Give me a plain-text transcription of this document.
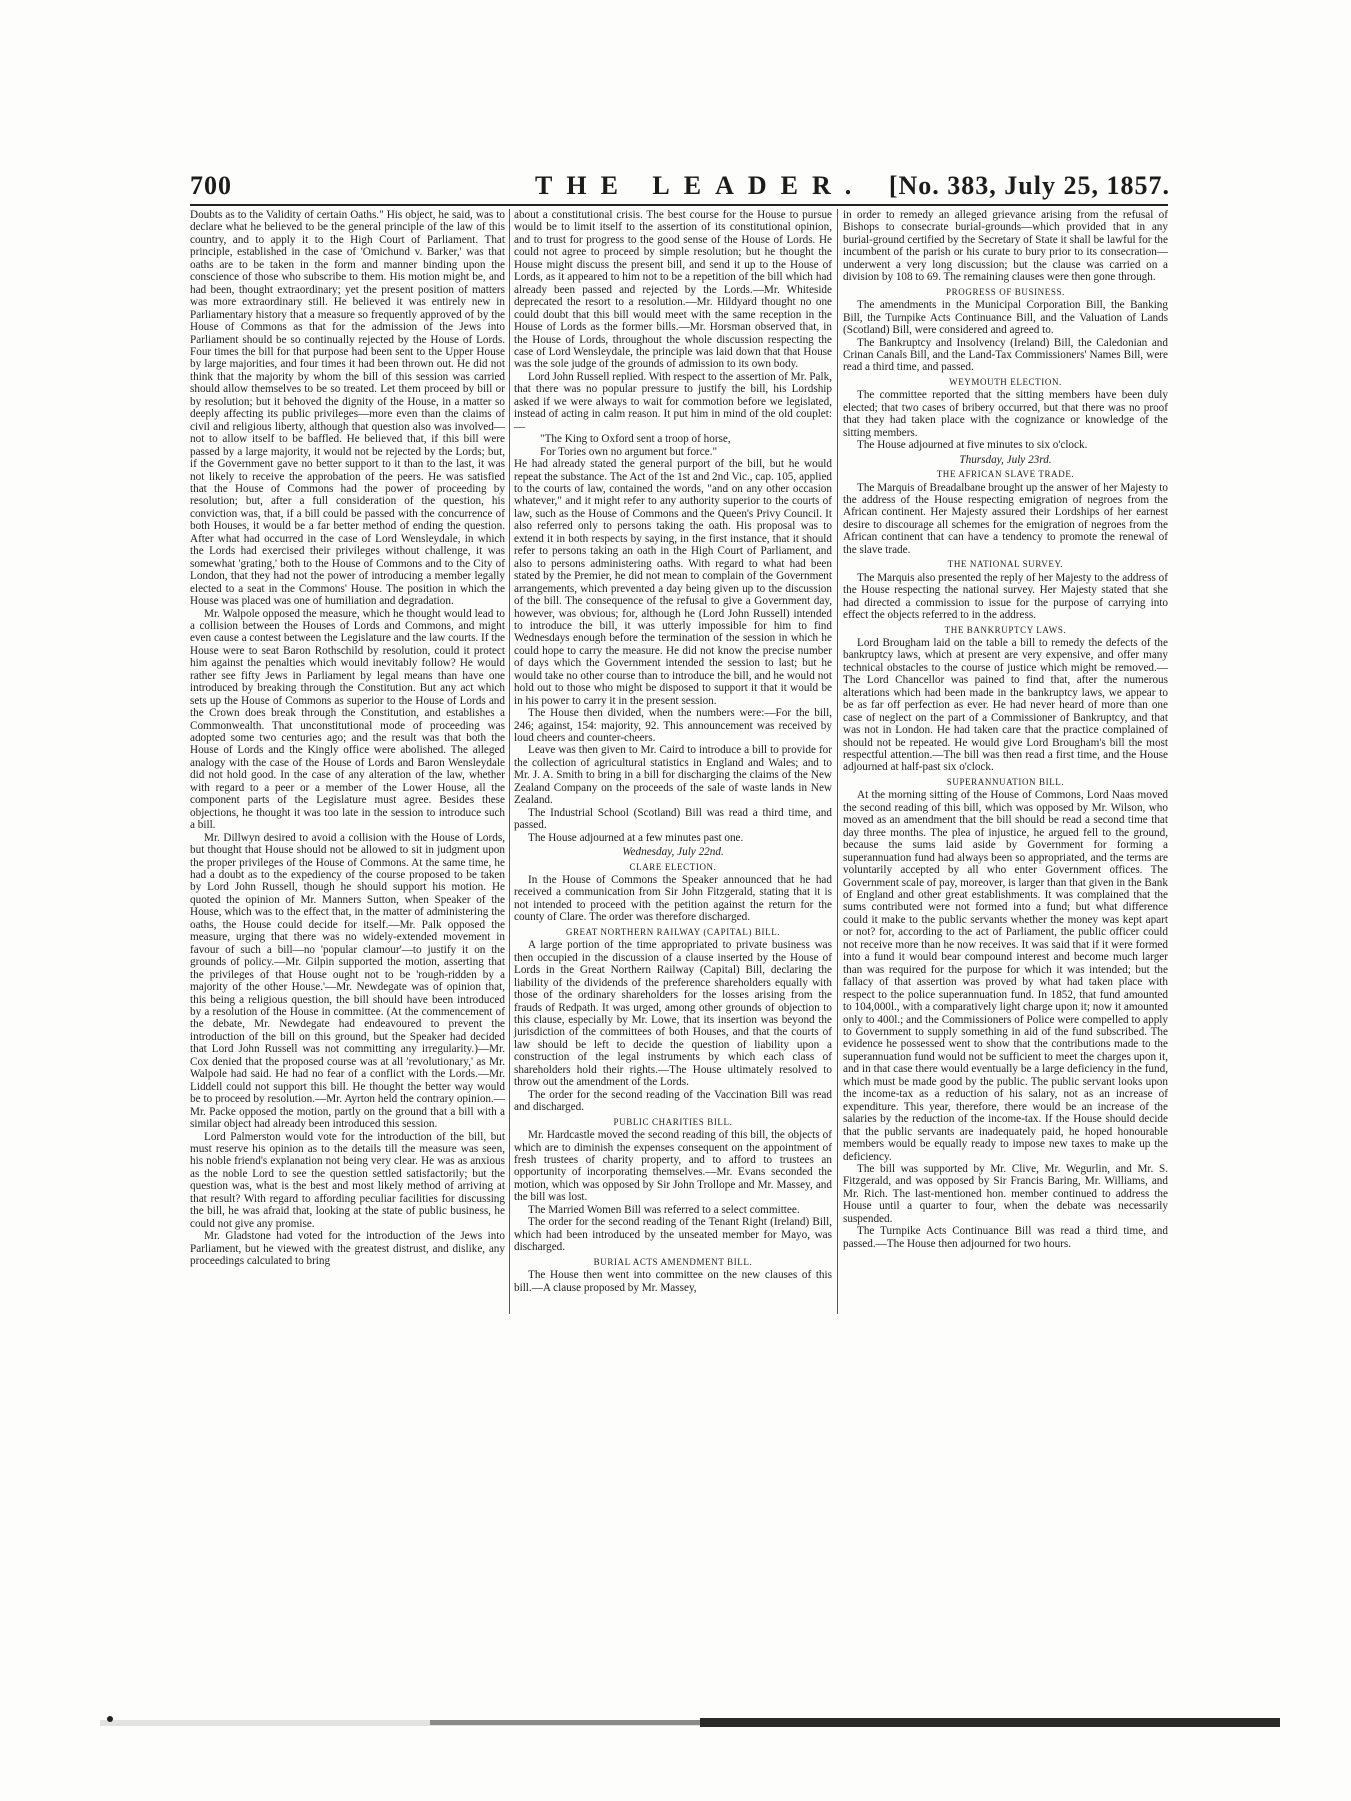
700	THE LEADER. [No. 383, July 25, 1857.

Doubts as to the Validity of certain Oaths." His object, he said, was to declare what he believed to be the general principle of the law of this country, and to apply it to the High Court of Parliament. That principle, established in the case of 'Omichund v. Barker,' was that oaths are to be taken in the form and manner binding upon the conscience of those who subscribe to them. His motion might be, and had been, thought extraordinary; yet the present position of matters was more extraordinary still. He believed it was entirely new in Parliamentary history that a measure so frequently approved of by the House of Commons as that for the admission of the Jews into Parliament should be so continually rejected by the House of Lords. Four times the bill for that purpose had been sent to the Upper House by large majorities, and four times it had been thrown out. He did not think that the majority by whom the bill of this session was carried should allow themselves to be so treated. Let them proceed by bill or by resolution; but it behoved the dignity of the House, in a matter so deeply affecting its public privileges—more even than the claims of civil and religious liberty, although that question also was involved—not to allow itself to be baffled. He believed that, if this bill were passed by a large majority, it would not be rejected by the Lords; but, if the Government gave no better support to it than to the last, it was not likely to receive the approbation of the peers. He was satisfied that the House of Commons had the power of proceeding by resolution; but, after a full consideration of the question, his conviction was, that, if a bill could be passed with the concurrence of both Houses, it would be a far better method of ending the question. After what had occurred in the case of Lord Wensleydale, in which the Lords had exercised their privileges without challenge, it was somewhat 'grating,' both to the House of Commons and to the City of London, that they had not the power of introducing a member legally elected to a seat in the Commons' House. The position in which the House was placed was one of humiliation and degradation.

Mr. Walpole opposed the measure, which he thought would lead to a collision between the Houses of Lords and Commons, and might even cause a contest between the Legislature and the law courts. If the House were to seat Baron Rothschild by resolution, could it protect him against the penalties which would inevitably follow? He would rather see fifty Jews in Parliament by legal means than have one introduced by breaking through the Constitution. But any act which sets up the House of Commons as superior to the House of Lords and the Crown does break through the Constitution, and establishes a Commonwealth. That unconstitutional mode of proceeding was adopted some two centuries ago; and the result was that both the House of Lords and the Kingly office were abolished. The alleged analogy with the case of the House of Lords and Baron Wensleydale did not hold good. In the case of any alteration of the law, whether with regard to a peer or a member of the Lower House, all the component parts of the Legislature must agree. Besides these objections, he thought it was too late in the session to introduce such a bill.

Mr. Dillwyn desired to avoid a collision with the House of Lords, but thought that House should not be allowed to sit in judgment upon the proper privileges of the House of Commons. At the same time, he had a doubt as to the expediency of the course proposed to be taken by Lord John Russell, though he should support his motion. He quoted the opinion of Mr. Manners Sutton, when Speaker of the House, which was to the effect that, in the matter of administering the oaths, the House could decide for itself.—Mr. Palk opposed the measure, urging that there was no widely-extended movement in favour of such a bill—no 'popular clamour'—to justify it on the grounds of policy.—Mr. Gilpin supported the motion, asserting that the privileges of that House ought not to be 'rough-ridden by a majority of the other House.'—Mr. Newdegate was of opinion that, this being a religious question, the bill should have been introduced by a resolution of the House in committee. (At the commencement of the debate, Mr. Newdegate had endeavoured to prevent the introduction of the bill on this ground, but the Speaker had decided that Lord John Russell was not committing any irregularity.)—Mr. Cox denied that the proposed course was at all 'revolutionary,' as Mr. Walpole had said. He had no fear of a conflict with the Lords.—Mr. Liddell could not support this bill. He thought the better way would be to proceed by resolution.—Mr. Ayrton held the contrary opinion.—Mr. Packe opposed the motion, partly on the ground that a bill with a similar object had already been introduced this session.

Lord Palmerston would vote for the introduction of the bill, but must reserve his opinion as to the details till the measure was seen, his noble friend's explanation not being very clear. He was as anxious as the noble Lord to see the question settled satisfactorily; but the question was, what is the best and most likely method of arriving at that result? With regard to affording peculiar facilities for discussing the bill, he was afraid that, looking at the state of public business, he could not give any promise.

Mr. Gladstone had voted for the introduction of the Jews into Parliament, but he viewed with the greatest distrust, and dislike, any proceedings calculated to bring

about a constitutional crisis. The best course for the House to pursue would be to limit itself to the assertion of its constitutional opinion, and to trust for progress to the good sense of the House of Lords. He could not agree to proceed by simple resolution; but he thought the House might discuss the present bill, and send it up to the House of Lords, as it appeared to him not to be a repetition of the bill which had already been passed and rejected by the Lords.—Mr. Whiteside deprecated the resort to a resolution.—Mr. Hildyard thought no one could doubt that this bill would meet with the same reception in the House of Lords as the former bills.—Mr. Horsman observed that, in the House of Lords, throughout the whole discussion respecting the case of Lord Wensleydale, the principle was laid down that that House was the sole judge of the grounds of admission to its own body.

Lord John Russell replied. With respect to the assertion of Mr. Palk, that there was no popular pressure to justify the bill, his Lordship asked if we were always to wait for commotion before we legislated, instead of acting in calm reason. It put him in mind of the old couplet:—

"The King to Oxford sent a troop of horse,

For Tories own no argument but force."

He had already stated the general purport of the bill, but he would repeat the substance. The Act of the 1st and 2nd Vic., cap. 105, applied to the courts of law, contained the words, "and on any other occasion whatever," and it might refer to any authority superior to the courts of law, such as the House of Commons and the Queen's Privy Council. It also referred only to persons taking the oath. His proposal was to extend it in both respects by saying, in the first instance, that it should refer to persons taking an oath in the High Court of Parliament, and also to persons administering oaths. With regard to what had been stated by the Premier, he did not mean to complain of the Government arrangements, which prevented a day being given up to the discussion of the bill. The consequence of the refusal to give a Government day, however, was obvious; for, although he (Lord John Russell) intended to introduce the bill, it was utterly impossible for him to find Wednesdays enough before the termination of the session in which he could hope to carry the measure. He did not know the precise number of days which the Government intended the session to last; but he would take no other course than to introduce the bill, and he would not hold out to those who might be disposed to support it that it would be in his power to carry it in the present session.

The House then divided, when the numbers were:—For the bill, 246; against, 154: majority, 92. This announcement was received by loud cheers and counter-cheers.

Leave was then given to Mr. Caird to introduce a bill to provide for the collection of agricultural statistics in England and Wales; and to Mr. J. A. Smith to bring in a bill for discharging the claims of the New Zealand Company on the proceeds of the sale of waste lands in New Zealand.

The Industrial School (Scotland) Bill was read a third time, and passed.

The House adjourned at a few minutes past one.

Wednesday, July 22nd.
CLARE ELECTION.

In the House of Commons the Speaker announced that he had received a communication from Sir John Fitzgerald, stating that it is not intended to proceed with the petition against the return for the county of Clare. The order was therefore discharged.

GREAT NORTHERN RAILWAY (CAPITAL) BILL.

A large portion of the time appropriated to private business was then occupied in the discussion of a clause inserted by the House of Lords in the Great Northern Railway (Capital) Bill, declaring the liability of the dividends of the preference shareholders equally with those of the ordinary shareholders for the losses arising from the frauds of Redpath. It was urged, among other grounds of objection to this clause, especially by Mr. Lowe, that its insertion was beyond the jurisdiction of the committees of both Houses, and that the courts of law should be left to decide the question of liability upon a construction of the legal instruments by which each class of shareholders hold their rights.—The House ultimately resolved to throw out the amendment of the Lords.

The order for the second reading of the Vaccination Bill was read and discharged.

PUBLIC CHARITIES BILL.

Mr. Hardcastle moved the second reading of this bill, the objects of which are to diminish the expenses consequent on the appointment of fresh trustees of charity property, and to afford to trustees an opportunity of incorporating themselves.—Mr. Evans seconded the motion, which was opposed by Sir John Trollope and Mr. Massey, and the bill was lost.

The Married Women Bill was referred to a select committee.

The order for the second reading of the Tenant Right (Ireland) Bill, which had been introduced by the unseated member for Mayo, was discharged.

BURIAL ACTS AMENDMENT BILL.

The House then went into committee on the new clauses of this bill.—A clause proposed by Mr. Massey,

in order to remedy an alleged grievance arising from the refusal of Bishops to consecrate burial-grounds—which provided that in any burial-ground certified by the Secretary of State it shall be lawful for the incumbent of the parish or his curate to bury prior to its consecration—underwent a very long discussion; but the clause was carried on a division by 108 to 69. The remaining clauses were then gone through.

PROGRESS OF BUSINESS.

The amendments in the Municipal Corporation Bill, the Banking Bill, the Turnpike Acts Continuance Bill, and the Valuation of Lands (Scotland) Bill, were considered and agreed to.

The Bankruptcy and Insolvency (Ireland) Bill, the Caledonian and Crinan Canals Bill, and the Land-Tax Commissioners' Names Bill, were read a third time, and passed.

WEYMOUTH ELECTION.

The committee reported that the sitting members have been duly elected; that two cases of bribery occurred, but that there was no proof that they had taken place with the cognizance or knowledge of the sitting members.

The House adjourned at five minutes to six o'clock.

Thursday, July 23rd.
THE AFRICAN SLAVE TRADE.

The Marquis of Breadalbane brought up the answer of her Majesty to the address of the House respecting emigration of negroes from the African continent. Her Majesty assured their Lordships of her earnest desire to discourage all schemes for the emigration of negroes from the African continent that can have a tendency to promote the renewal of the slave trade.

THE NATIONAL SURVEY.

The Marquis also presented the reply of her Majesty to the address of the House respecting the national survey. Her Majesty stated that she had directed a commission to issue for the purpose of carrying into effect the objects referred to in the address.

THE BANKRUPTCY LAWS.

Lord Brougham laid on the table a bill to remedy the defects of the bankruptcy laws, which at present are very expensive, and offer many technical obstacles to the course of justice which might be removed.—The Lord Chancellor was pained to find that, after the numerous alterations which had been made in the bankruptcy laws, we appear to be as far off perfection as ever. He had never heard of more than one case of neglect on the part of a Commissioner of Bankruptcy, and that was not in London. He had taken care that the practice complained of should not be repeated. He would give Lord Brougham's bill the most respectful attention.—The bill was then read a first time, and the House adjourned at half-past six o'clock.

SUPERANNUATION BILL.

At the morning sitting of the House of Commons, Lord Naas moved the second reading of this bill, which was opposed by Mr. Wilson, who moved as an amendment that the bill should be read a second time that day three months. The plea of injustice, he argued fell to the ground, because the sums laid aside by Government for forming a superannuation fund had always been so appropriated, and the terms are voluntarily accepted by all who enter Government offices. The Government scale of pay, moreover, is larger than that given in the Bank of England and other great establishments. It was complained that the sums contributed were not formed into a fund; but what difference could it make to the public servants whether the money was kept apart or not? for, according to the act of Parliament, the public officer could not receive more than he now receives. It was said that if it were formed into a fund it would bear compound interest and become much larger than was required for the purpose for which it was intended; but the fallacy of that assertion was proved by what had taken place with respect to the police superannuation fund. In 1852, that fund amounted to 104,000l., with a comparatively light charge upon it; now it amounted only to 400l.; and the Commissioners of Police were compelled to apply to Government to supply something in aid of the fund subscribed. The evidence he possessed went to show that the contributions made to the superannuation fund would not be sufficient to meet the charges upon it, and in that case there would eventually be a large deficiency in the fund, which must be made good by the public. The public servant looks upon the income-tax as a reduction of his salary, not as an increase of expenditure. This year, therefore, there would be an increase of the salaries by the reduction of the income-tax. If the House should decide that the public servants are inadequately paid, he hoped honourable members would be equally ready to impose new taxes to make up the deficiency.

The bill was supported by Mr. Clive, Mr. Wegurlin, and Mr. S. Fitzgerald, and was opposed by Sir Francis Baring, Mr. Williams, and Mr. Rich. The last-mentioned hon. member continued to address the House until a quarter to four, when the debate was necessarily suspended.

The Turnpike Acts Continuance Bill was read a third time, and passed.—The House then adjourned for two hours.
